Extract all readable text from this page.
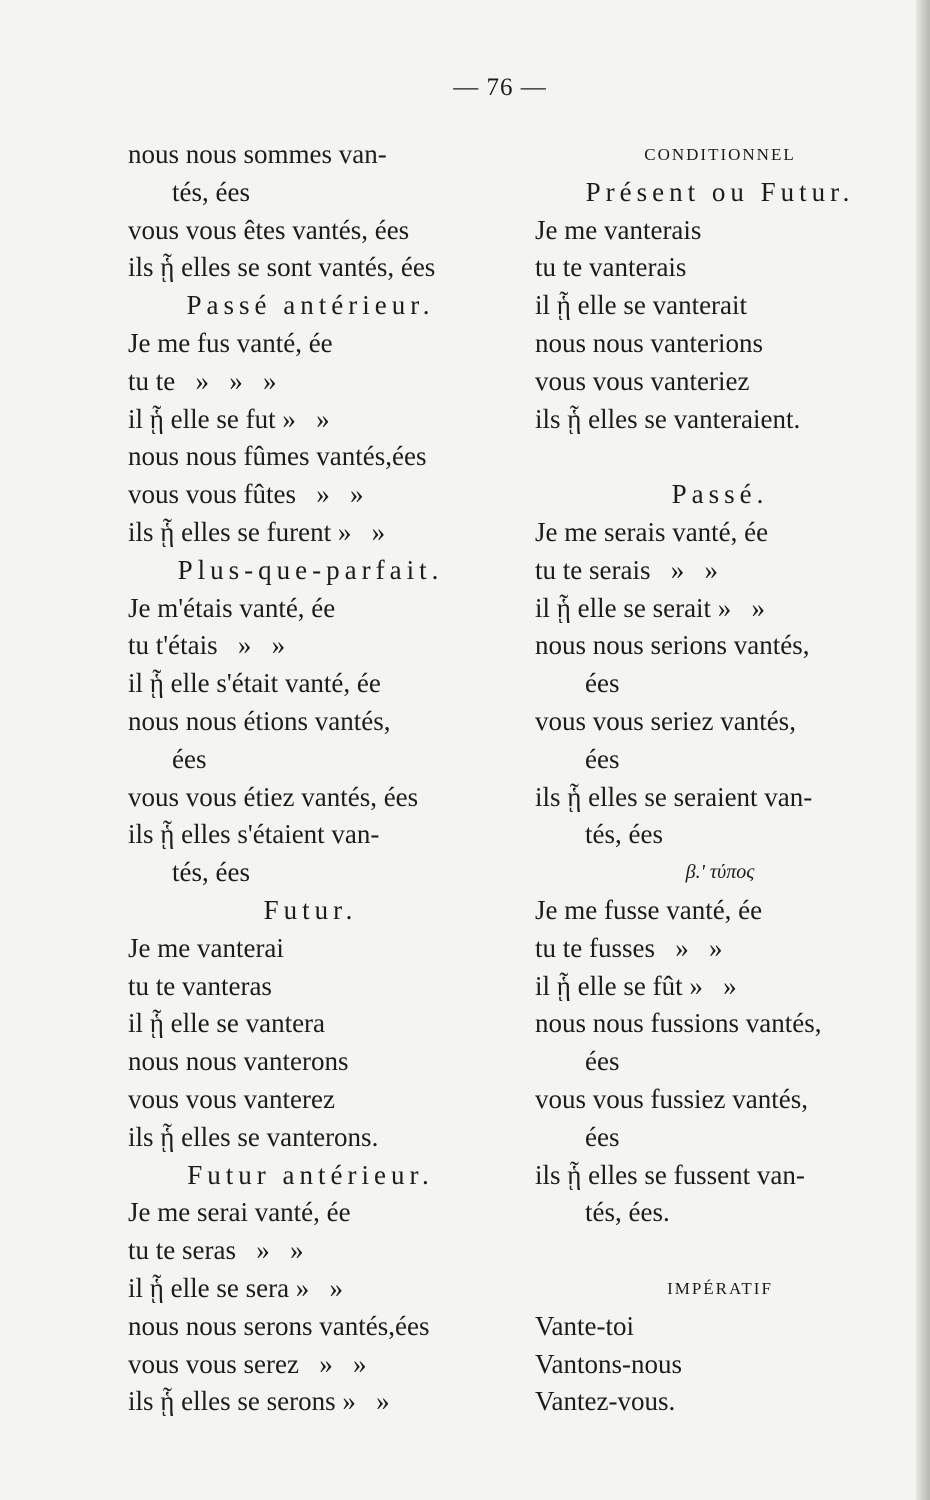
— 76 —
nous nous sommes van-
tés, ées
vous vous êtes vantés, ées
ils ᾗ elles se sont vantés, ées
Passé antérieur.
Je me fus vanté, ée
tu te   »   »   »
il ᾗ elle se fut »   »
nous nous fûmes vantés,ées
vous vous fûtes   »   »
ils ᾗ elles se furent »   »
Plus-que-parfait.
Je m'étais vanté, ée
tu t'étais   »   »
il ᾗ elle s'était vanté, ée
nous nous étions vantés,
ées
vous vous étiez vantés, ées
ils ᾗ elles s'étaient van-
tés, ées
Futur.
Je me vanterai
tu te vanteras
il ᾗ elle se vantera
nous nous vanterons
vous vous vanterez
ils ᾗ elles se vanterons.
Futur antérieur.
Je me serai vanté, ée
tu te seras   »   »
il ᾗ elle se sera »   »
nous nous serons vantés,ées
vous vous serez   »   »
ils ᾗ elles se serons »   »
CONDITIONNEL
Présent ou Futur.
Je me vanterais
tu te vanterais
il ᾗ elle se vanterait
nous nous vanterions
vous vous vanteriez
ils ᾗ elles se vanteraient.
Passé.
Je me serais vanté, ée
tu te serais   »   »
il ᾗ elle se serait »   »
nous nous serions vantés,
ées
vous vous seriez vantés,
ées
ils ᾗ elles se seraient van-
tés, ées
β.' τύπος
Je me fusse vanté, ée
tu te fusses   »   »
il ᾗ elle se fût »   »
nous nous fussions vantés,
ées
vous vous fussiez vantés,
ées
ils ᾗ elles se fussent van-
tés, ées.
IMPÉRATIF
Vante-toi
Vantons-nous
Vantez-vous.
